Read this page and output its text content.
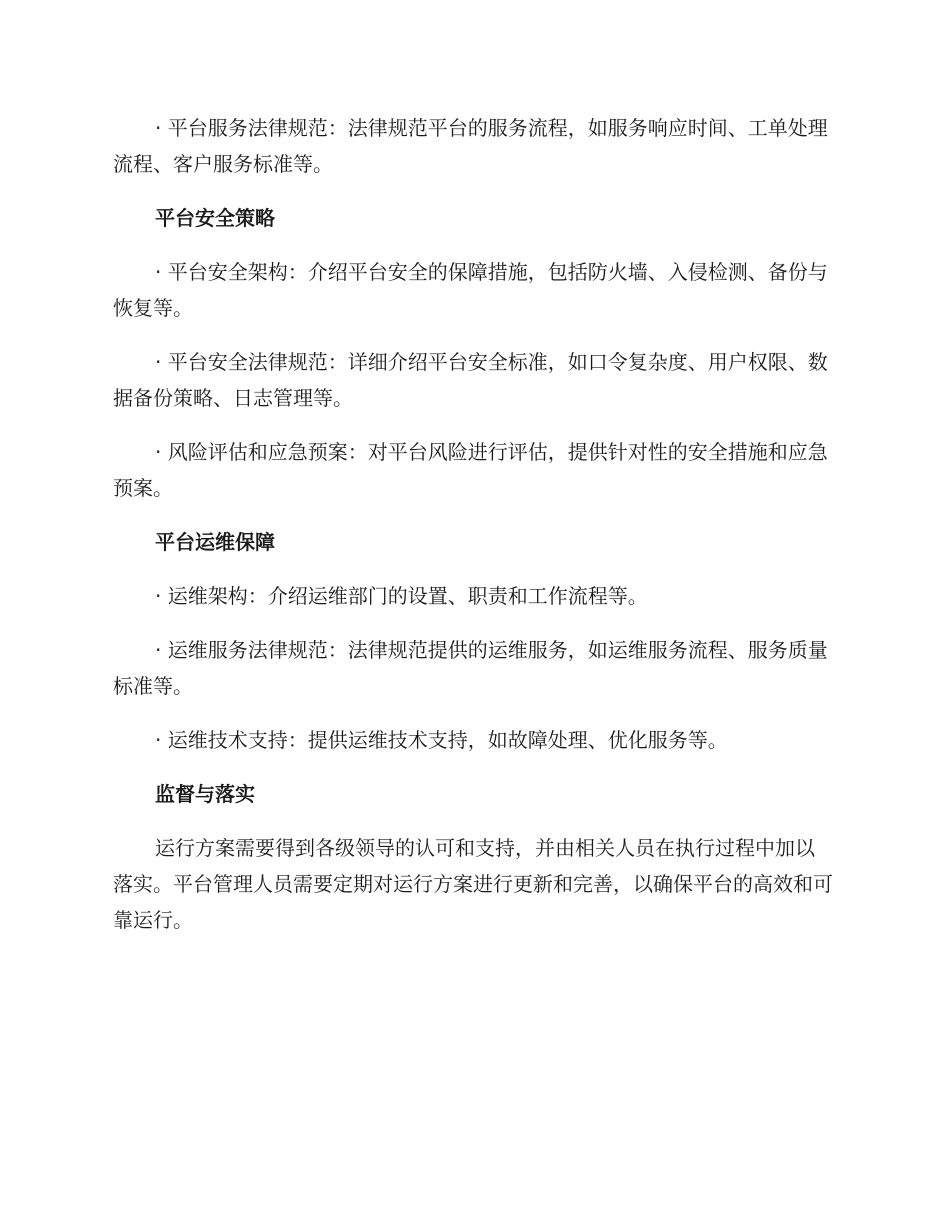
· 平台服务法律规范：法律规范平台的服务流程，如服务响应时间、工单处理流程、客户服务标准等。

平台安全策略

· 平台安全架构：介绍平台安全的保障措施，包括防火墙、入侵检测、备份与恢复等。

· 平台安全法律规范：详细介绍平台安全标准，如口令复杂度、用户权限、数据备份策略、日志管理等。

· 风险评估和应急预案：对平台风险进行评估，提供针对性的安全措施和应急预案。

平台运维保障

· 运维架构：介绍运维部门的设置、职责和工作流程等。

· 运维服务法律规范：法律规范提供的运维服务，如运维服务流程、服务质量标准等。

· 运维技术支持：提供运维技术支持，如故障处理、优化服务等。

监督与落实

运行方案需要得到各级领导的认可和支持，并由相关人员在执行过程中加以落实。平台管理人员需要定期对运行方案进行更新和完善，以确保平台的高效和可靠运行。
